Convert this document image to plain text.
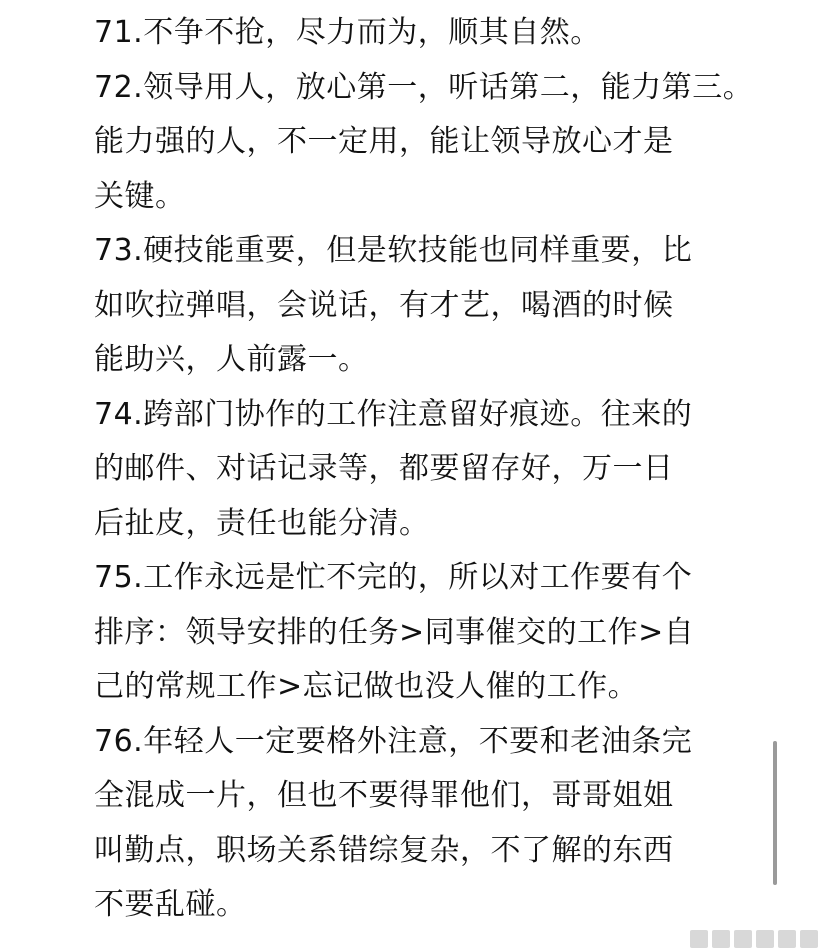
71.不争不抢，尽力而为，顺其自然。
72.领导用人，放心第一，听话第二，能力第三。
能力强的人，不一定用，能让领导放心才是
关键。
73.硬技能重要，但是软技能也同样重要，比
如吹拉弹唱，会说话，有才艺，喝酒的时候
能助兴，人前露一。
74.跨部门协作的工作注意留好痕迹。往来的
的邮件、对话记录等，都要留存好，万一日
后扯皮，责任也能分清。
75.工作永远是忙不完的，所以对工作要有个
排序：领导安排的任务>同事催交的工作>自
己的常规工作>忘记做也没人催的工作。
76.年轻人一定要格外注意，不要和老油条完
全混成一片，但也不要得罪他们，哥哥姐姐
叫勤点，职场关系错综复杂，不了解的东西
不要乱碰。
